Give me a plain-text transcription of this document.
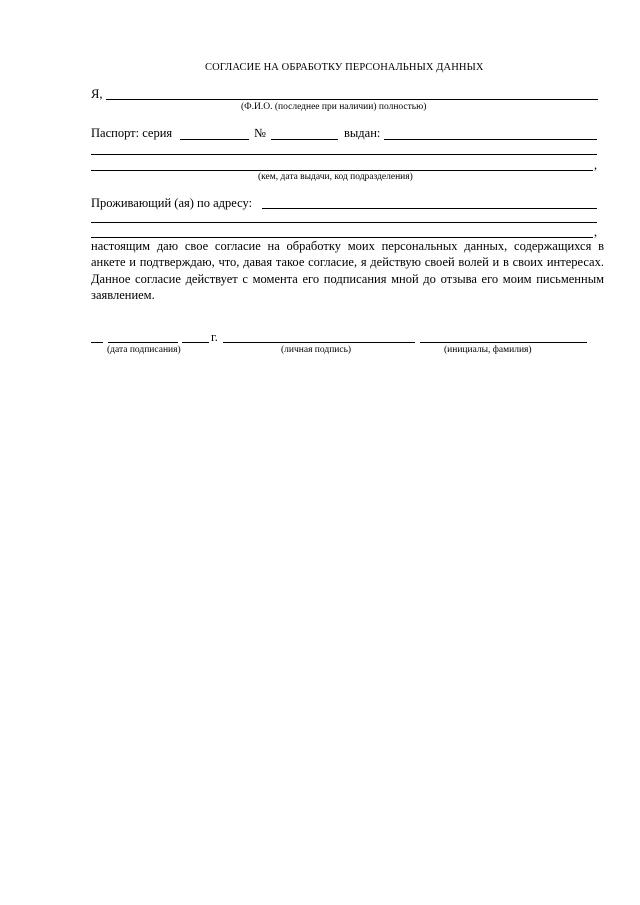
СОГЛАСИЕ НА ОБРАБОТКУ ПЕРСОНАЛЬНЫХ ДАННЫХ
Я,
(Ф.И.О. (последнее при наличии) полностью)
Паспорт: серия	№	выдан:
,
(кем, дата выдачи, код подразделения)
Проживающий (ая) по адресу:
,
настоящим даю свое согласие на обработку моих персональных данных, содержащихся в анкете и подтверждаю, что, давая такое согласие, я действую своей волей и в своих интересах. Данное согласие действует с момента его подписания мной до отзыва его моим письменным заявлением.
г.
(дата подписания)	(личная подпись)	(инициалы, фамилия)
